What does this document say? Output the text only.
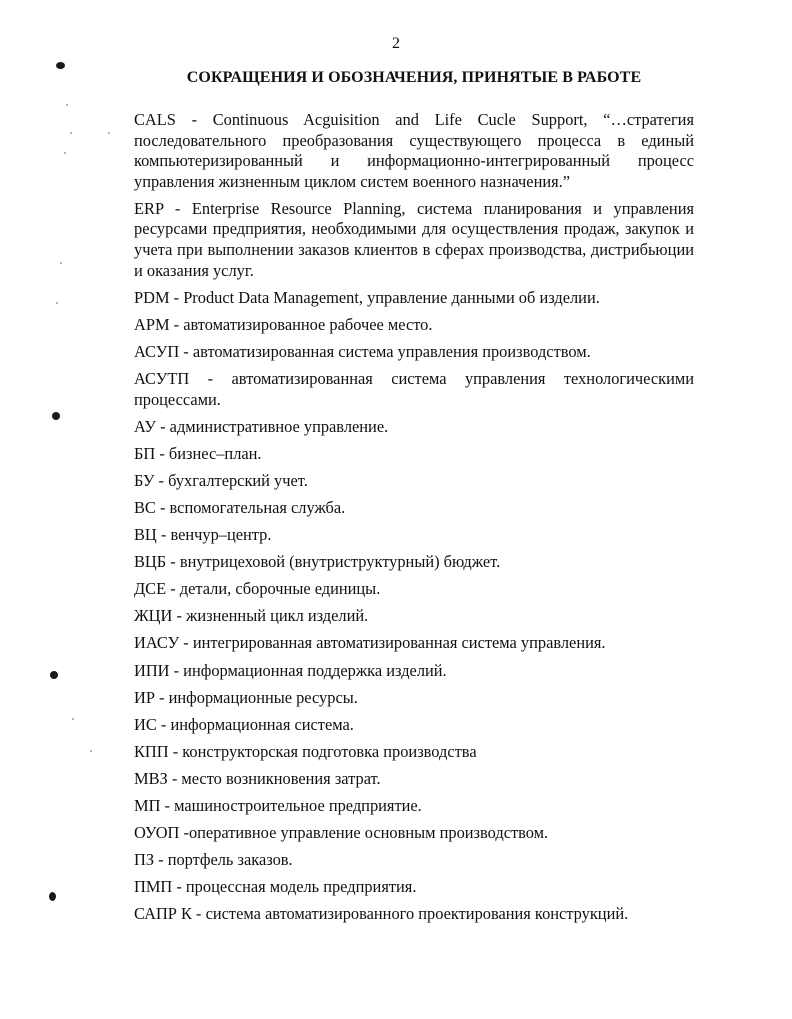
2
СОКРАЩЕНИЯ И ОБОЗНАЧЕНИЯ, ПРИНЯТЫЕ В РАБОТЕ
CALS - Continuous Acguisition and Life Cucle Support, “…стратегия последовательного преобразования существующего процесса в единый компьютеризированный и информационно-интегрированный процесс управления жизненным циклом систем военного назначения.”
ERP - Enterprise Resource Planning, система планирования и управления ресурсами предприятия, необходимыми для осуществления продаж, закупок и учета при выполнении заказов клиентов в сферах производства, дистрибьюции и оказания услуг.
PDM - Product Data Management, управление данными об изделии.
АРМ - автоматизированное рабочее место.
АСУП - автоматизированная система управления производством.
АСУТП - автоматизированная система управления технологическими процессами.
АУ - административное управление.
БП - бизнес–план.
БУ - бухгалтерский учет.
ВС - вспомогательная служба.
ВЦ - венчур–центр.
ВЦБ - внутрицеховой (внутриструктурный) бюджет.
ДСЕ - детали, сборочные единицы.
ЖЦИ - жизненный цикл изделий.
ИАСУ - интегрированная автоматизированная система управления.
ИПИ - информационная поддержка изделий.
ИР - информационные ресурсы.
ИС - информационная система.
КПП - конструкторская подготовка производства
МВЗ - место возникновения затрат.
МП - машиностроительное предприятие.
ОУОП -оперативное управление основным производством.
ПЗ - портфель заказов.
ПМП - процессная модель предприятия.
САПР К - система автоматизированного проектирования конструкций.
